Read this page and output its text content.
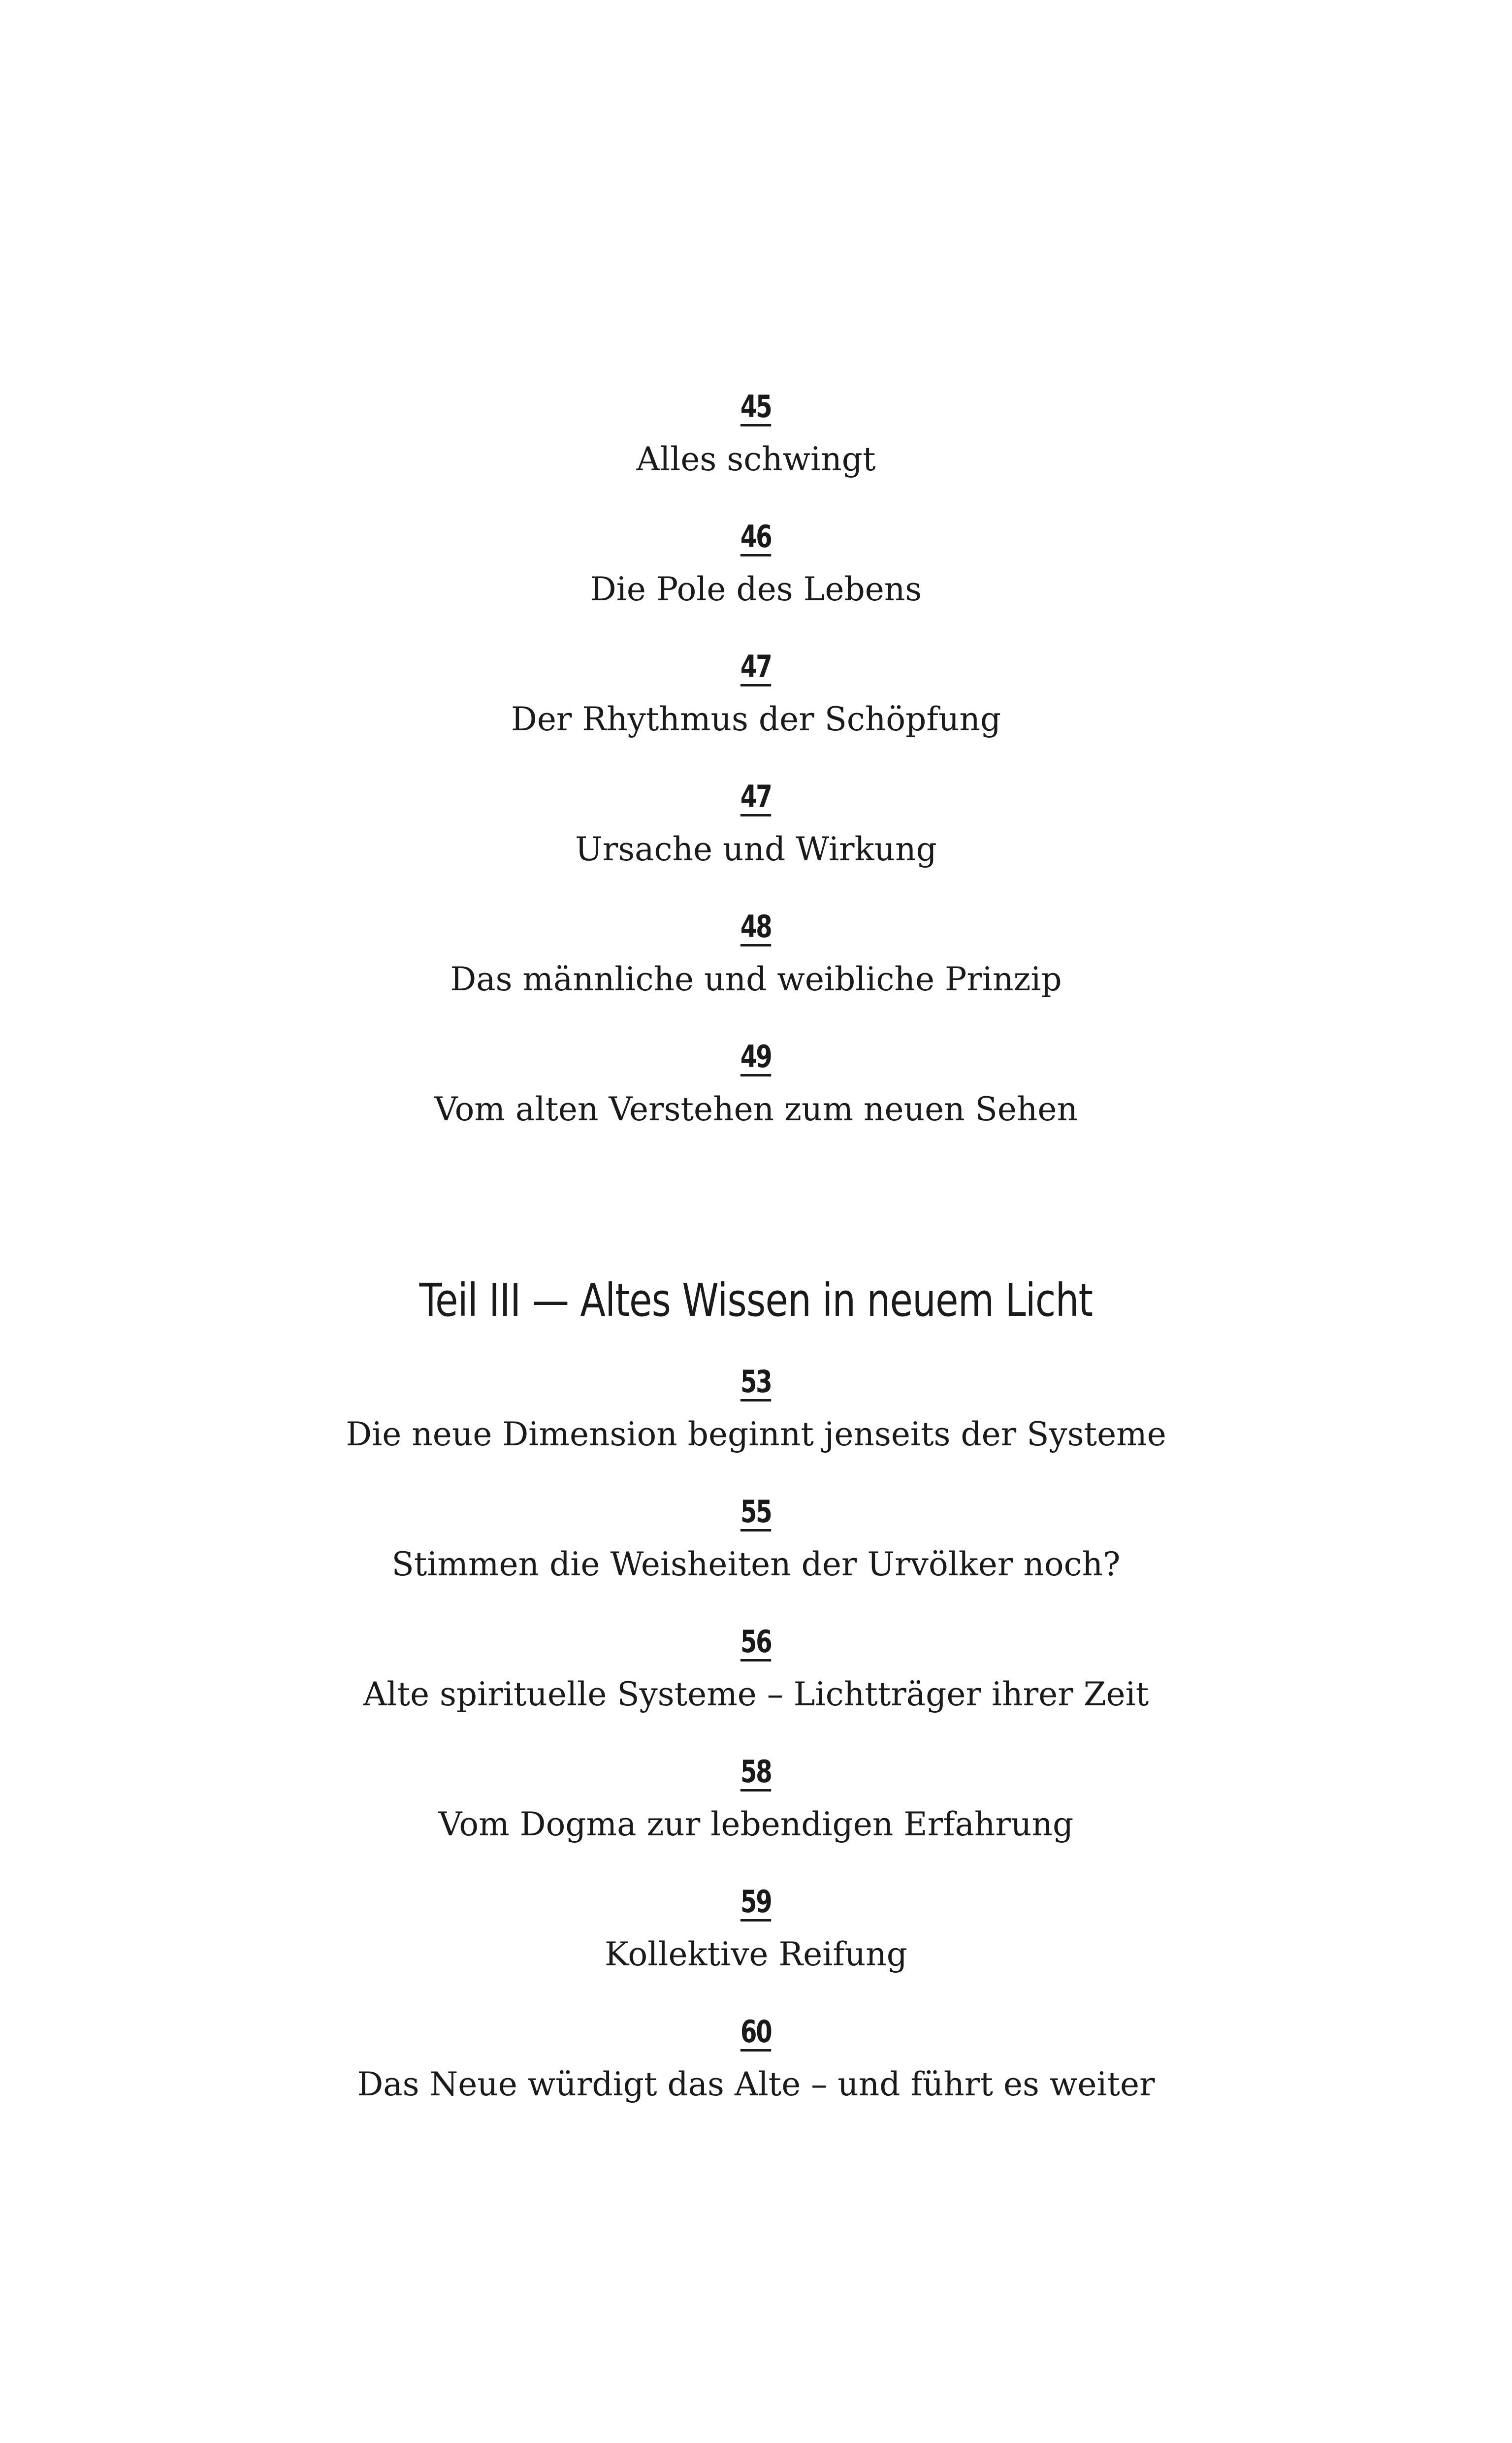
45
Alles schwingt
46
Die Pole des Lebens
47
Der Rhythmus der Schöpfung
47
Ursache und Wirkung
48
Das männliche und weibliche Prinzip
49
Vom alten Verstehen zum neuen Sehen
Teil III — Altes Wissen in neuem Licht
53
Die neue Dimension beginnt jenseits der Systeme
55
Stimmen die Weisheiten der Urvölker noch?
56
Alte spirituelle Systeme – Lichtträger ihrer Zeit
58
Vom Dogma zur lebendigen Erfahrung
59
Kollektive Reifung
60
Das Neue würdigt das Alte – und führt es weiter
